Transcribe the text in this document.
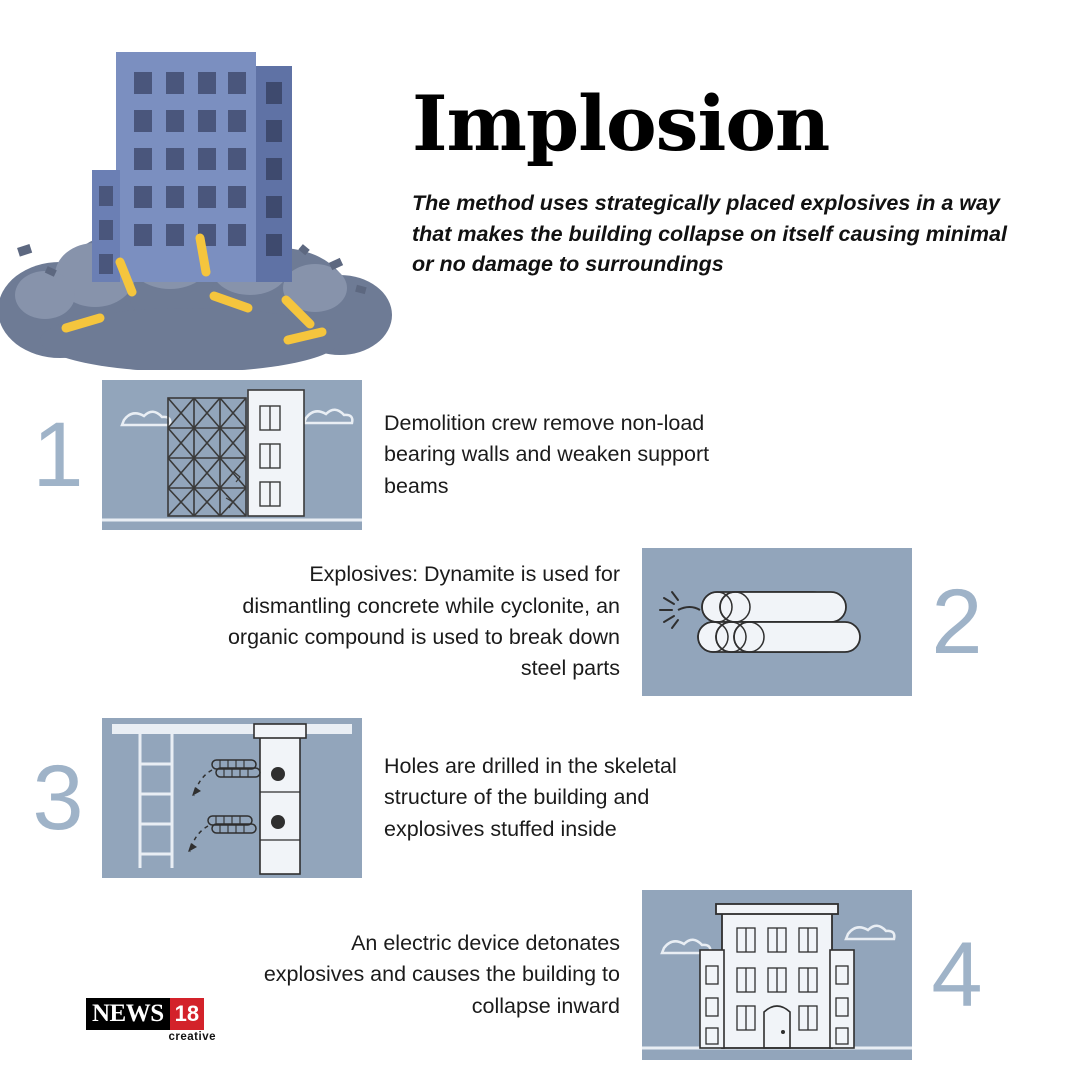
Implosion

The method uses strategically placed explosives in a way that makes the building collapse on itself causing minimal or no damage to surroundings

1	Demolition crew remove non-load bearing walls and weaken support beams
Explosives: Dynamite is used for dismantling concrete while cyclonite, an organic compound is used to break down steel parts	2
3	Holes are drilled in the skeletal structure of the building and explosives stuffed inside
An electric device detonates explosives and causes the building to collapse inward	4
NEWS 18
creative
